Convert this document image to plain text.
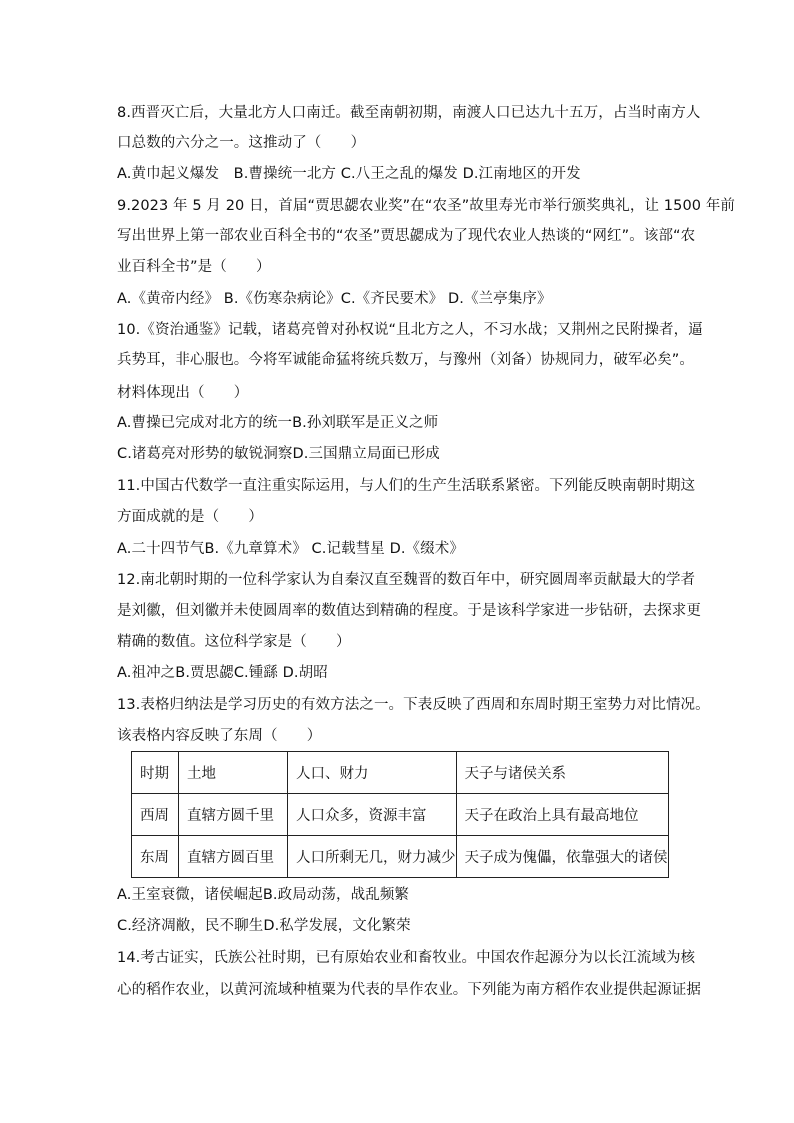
8.西晋灭亡后，大量北方人口南迁。截至南朝初期，南渡人口已达九十五万，占当时南方人
口总数的六分之一。这推动了（　　）
A.黄巾起义爆发　B.曹操统一北方 C.八王之乱的爆发 D.江南地区的开发
9.2023 年 5 月 20 日，首届“贾思勰农业奖”在“农圣”故里寿光市举行颁奖典礼，让 1500 年前
写出世界上第一部农业百科全书的“农圣”贾思勰成为了现代农业人热谈的“网红”。该部“农
业百科全书”是（　　）
A.《黄帝内经》 B.《伤寒杂病论》C.《齐民要术》 D.《兰亭集序》
10.《资治通鉴》记载，诸葛亮曾对孙权说“且北方之人，不习水战；又荆州之民附操者，逼
兵势耳，非心服也。今将军诚能命猛将统兵数万，与豫州（刘备）协规同力，破军必矣”。
材料体现出（　　）
A.曹操已完成对北方的统一B.孙刘联军是正义之师
C.诸葛亮对形势的敏锐洞察D.三国鼎立局面已形成
11.中国古代数学一直注重实际运用，与人们的生产生活联系紧密。下列能反映南朝时期这
方面成就的是（　　）
A.二十四节气B.《九章算术》 C.记载彗星 D.《缀术》
12.南北朝时期的一位科学家认为自秦汉直至魏晋的数百年中，研究圆周率贡献最大的学者
是刘徽，但刘徽并未使圆周率的数值达到精确的程度。于是该科学家进一步钻研，去探求更
精确的数值。这位科学家是（　　）
A.祖冲之B.贾思勰C.锺繇 D.胡昭
13.表格归纳法是学习历史的有效方法之一。下表反映了西周和东周时期王室势力对比情况。
该表格内容反映了东周（　　）
时期	土地	人口、财力	天子与诸侯关系
西周	直辖方圆千里	人口众多，资源丰富	天子在政治上具有最高地位
东周	直辖方圆百里	人口所剩无几，财力减少	天子成为傀儡，依靠强大的诸侯
A.王室衰微，诸侯崛起B.政局动荡，战乱频繁
C.经济凋敝，民不聊生D.私学发展，文化繁荣
14.考古证实，氏族公社时期，已有原始农业和畜牧业。中国农作起源分为以长江流域为核
心的稻作农业，以黄河流域种植粟为代表的旱作农业。下列能为南方稻作农业提供起源证据
